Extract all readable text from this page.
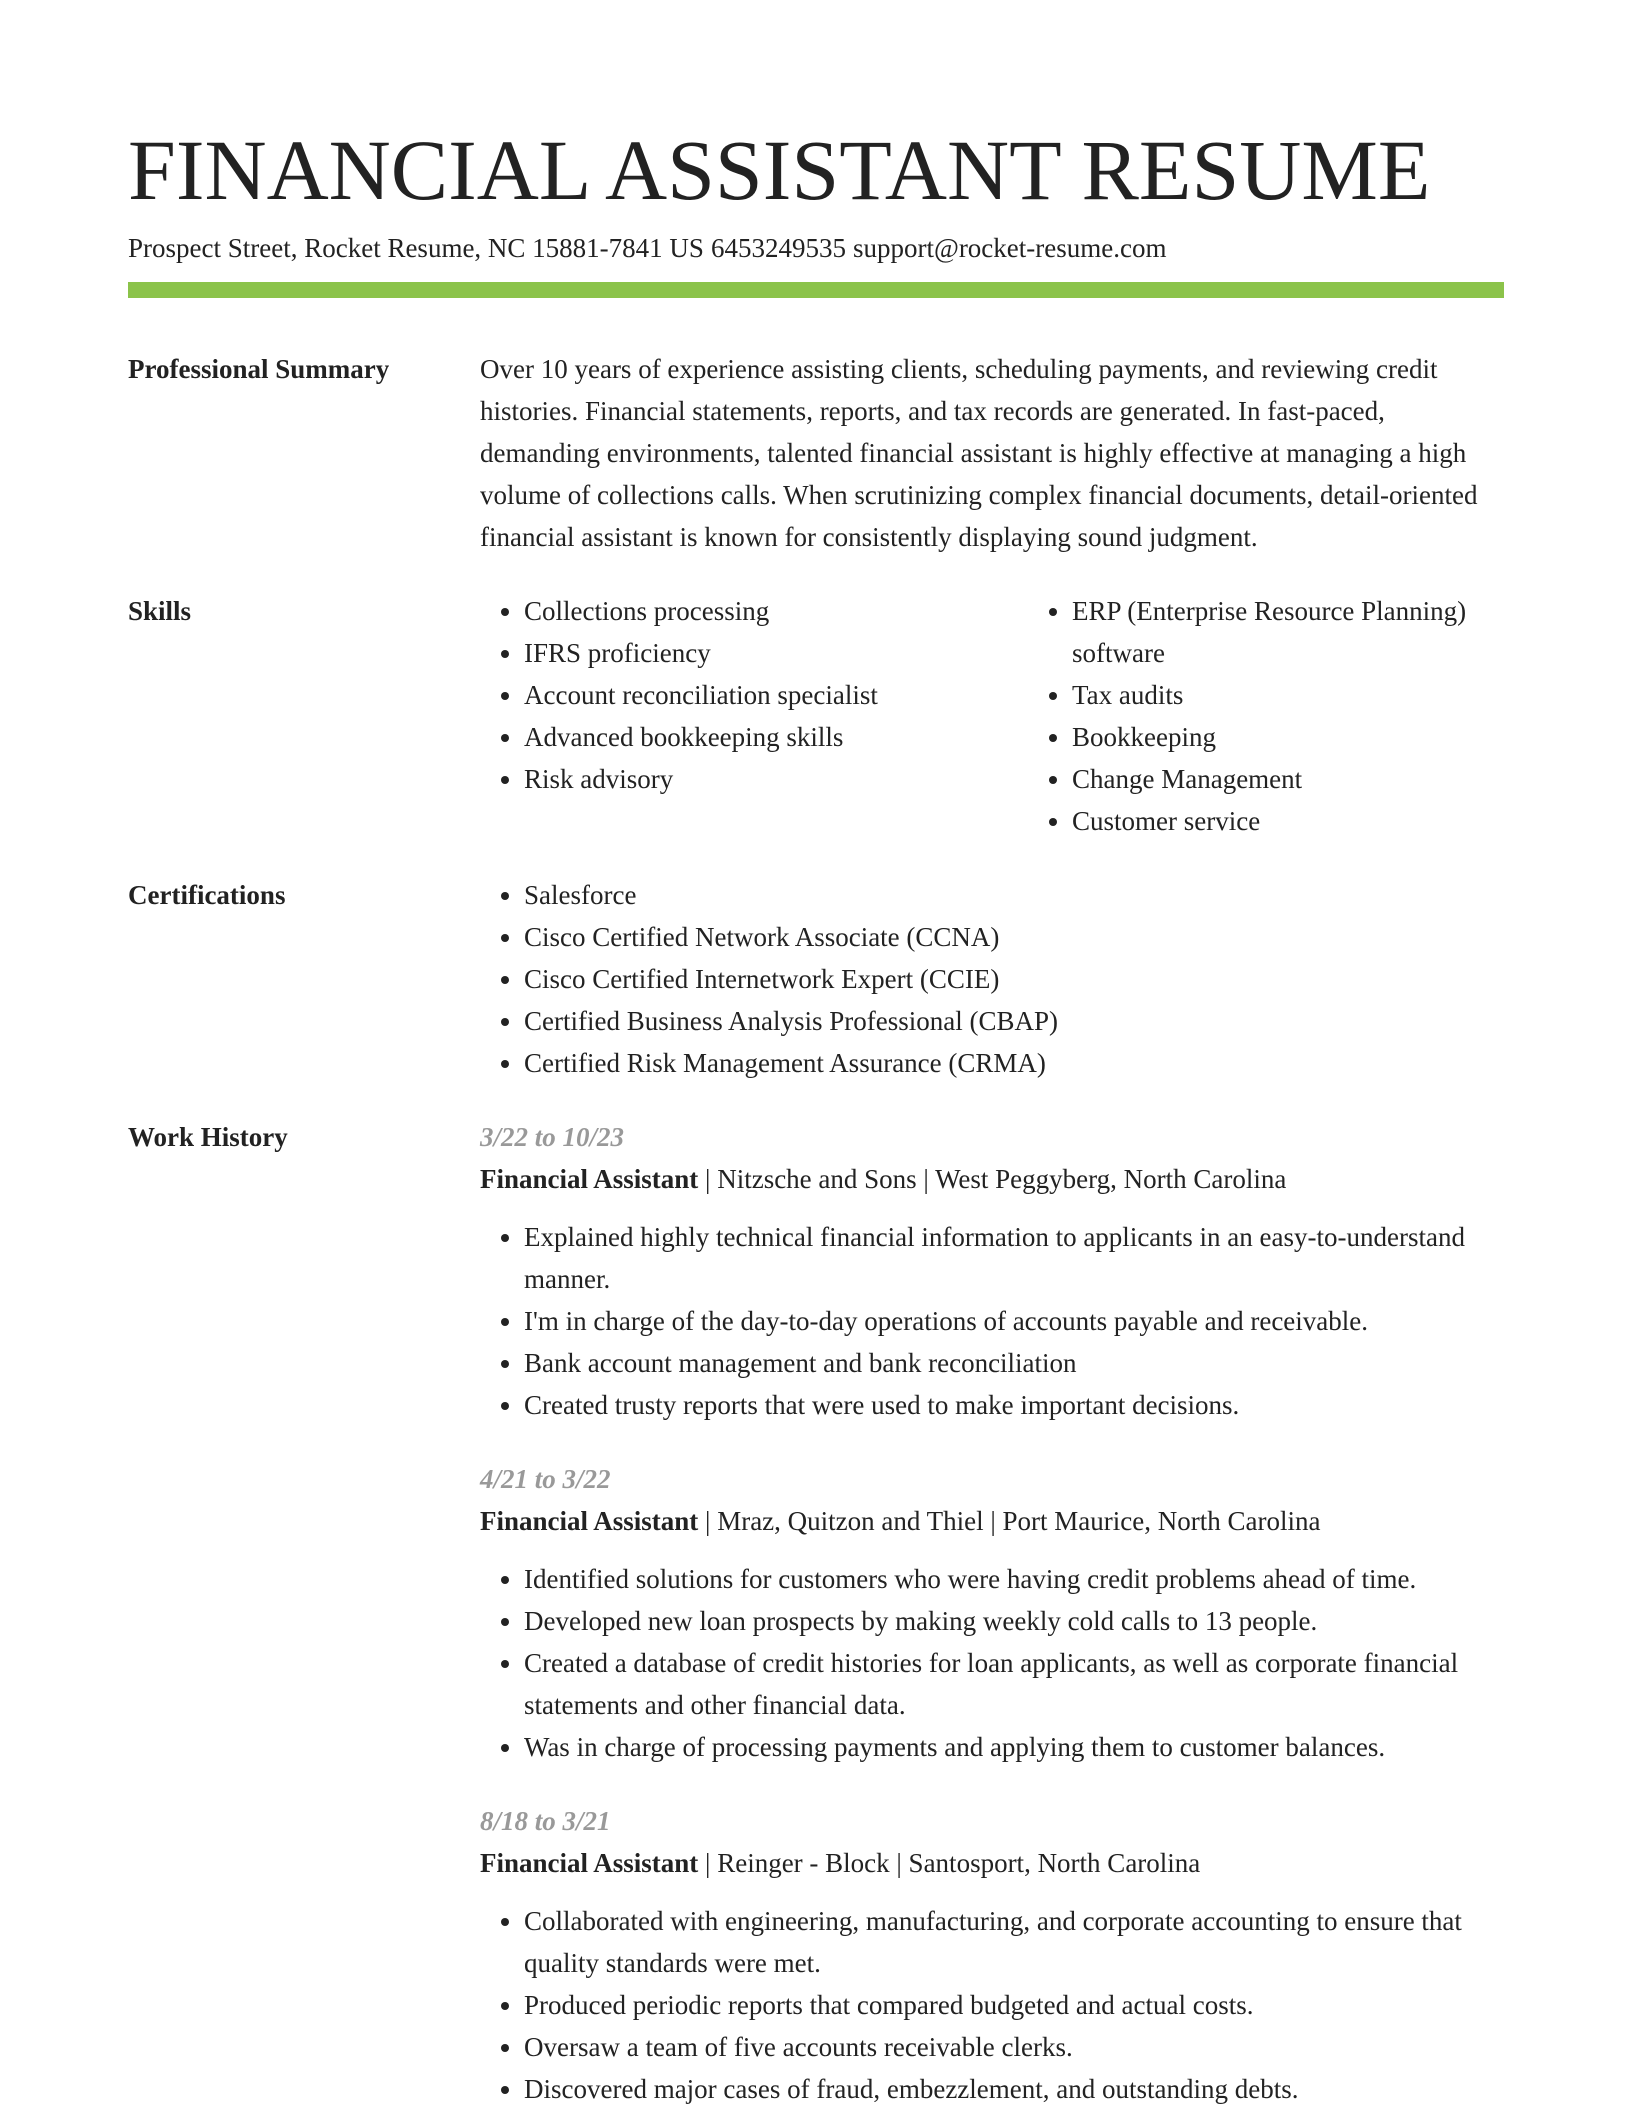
FINANCIAL ASSISTANT RESUME
Prospect Street, Rocket Resume, NC 15881-7841 US 6453249535 support@rocket-resume.com
Professional Summary	Over 10 years of experience assisting clients, scheduling payments, and reviewing credit histories. Financial statements, reports, and tax records are generated. In fast-paced, demanding environments, talented financial assistant is highly effective at managing a high volume of collections calls. When scrutinizing complex financial documents, detail-oriented financial assistant is known for consistently displaying sound judgment.
Skills	• Collections processing
• IFRS proficiency
• Account reconciliation specialist
• Advanced bookkeeping skills
• Risk advisory
• ERP (Enterprise Resource Planning) software
• Tax audits
• Bookkeeping
• Change Management
• Customer service
Certifications	• Salesforce
• Cisco Certified Network Associate (CCNA)
• Cisco Certified Internetwork Expert (CCIE)
• Certified Business Analysis Professional (CBAP)
• Certified Risk Management Assurance (CRMA)
Work History	3/22 to 10/23
Financial Assistant | Nitzsche and Sons | West Peggyberg, North Carolina
• Explained highly technical financial information to applicants in an easy-to-understand manner.
• I'm in charge of the day-to-day operations of accounts payable and receivable.
• Bank account management and bank reconciliation
• Created trusty reports that were used to make important decisions.
4/21 to 3/22
Financial Assistant | Mraz, Quitzon and Thiel | Port Maurice, North Carolina
• Identified solutions for customers who were having credit problems ahead of time.
• Developed new loan prospects by making weekly cold calls to 13 people.
• Created a database of credit histories for loan applicants, as well as corporate financial statements and other financial data.
• Was in charge of processing payments and applying them to customer balances.
8/18 to 3/21
Financial Assistant | Reinger - Block | Santosport, North Carolina
• Collaborated with engineering, manufacturing, and corporate accounting to ensure that quality standards were met.
• Produced periodic reports that compared budgeted and actual costs.
• Oversaw a team of five accounts receivable clerks.
• Discovered major cases of fraud, embezzlement, and outstanding debts.
